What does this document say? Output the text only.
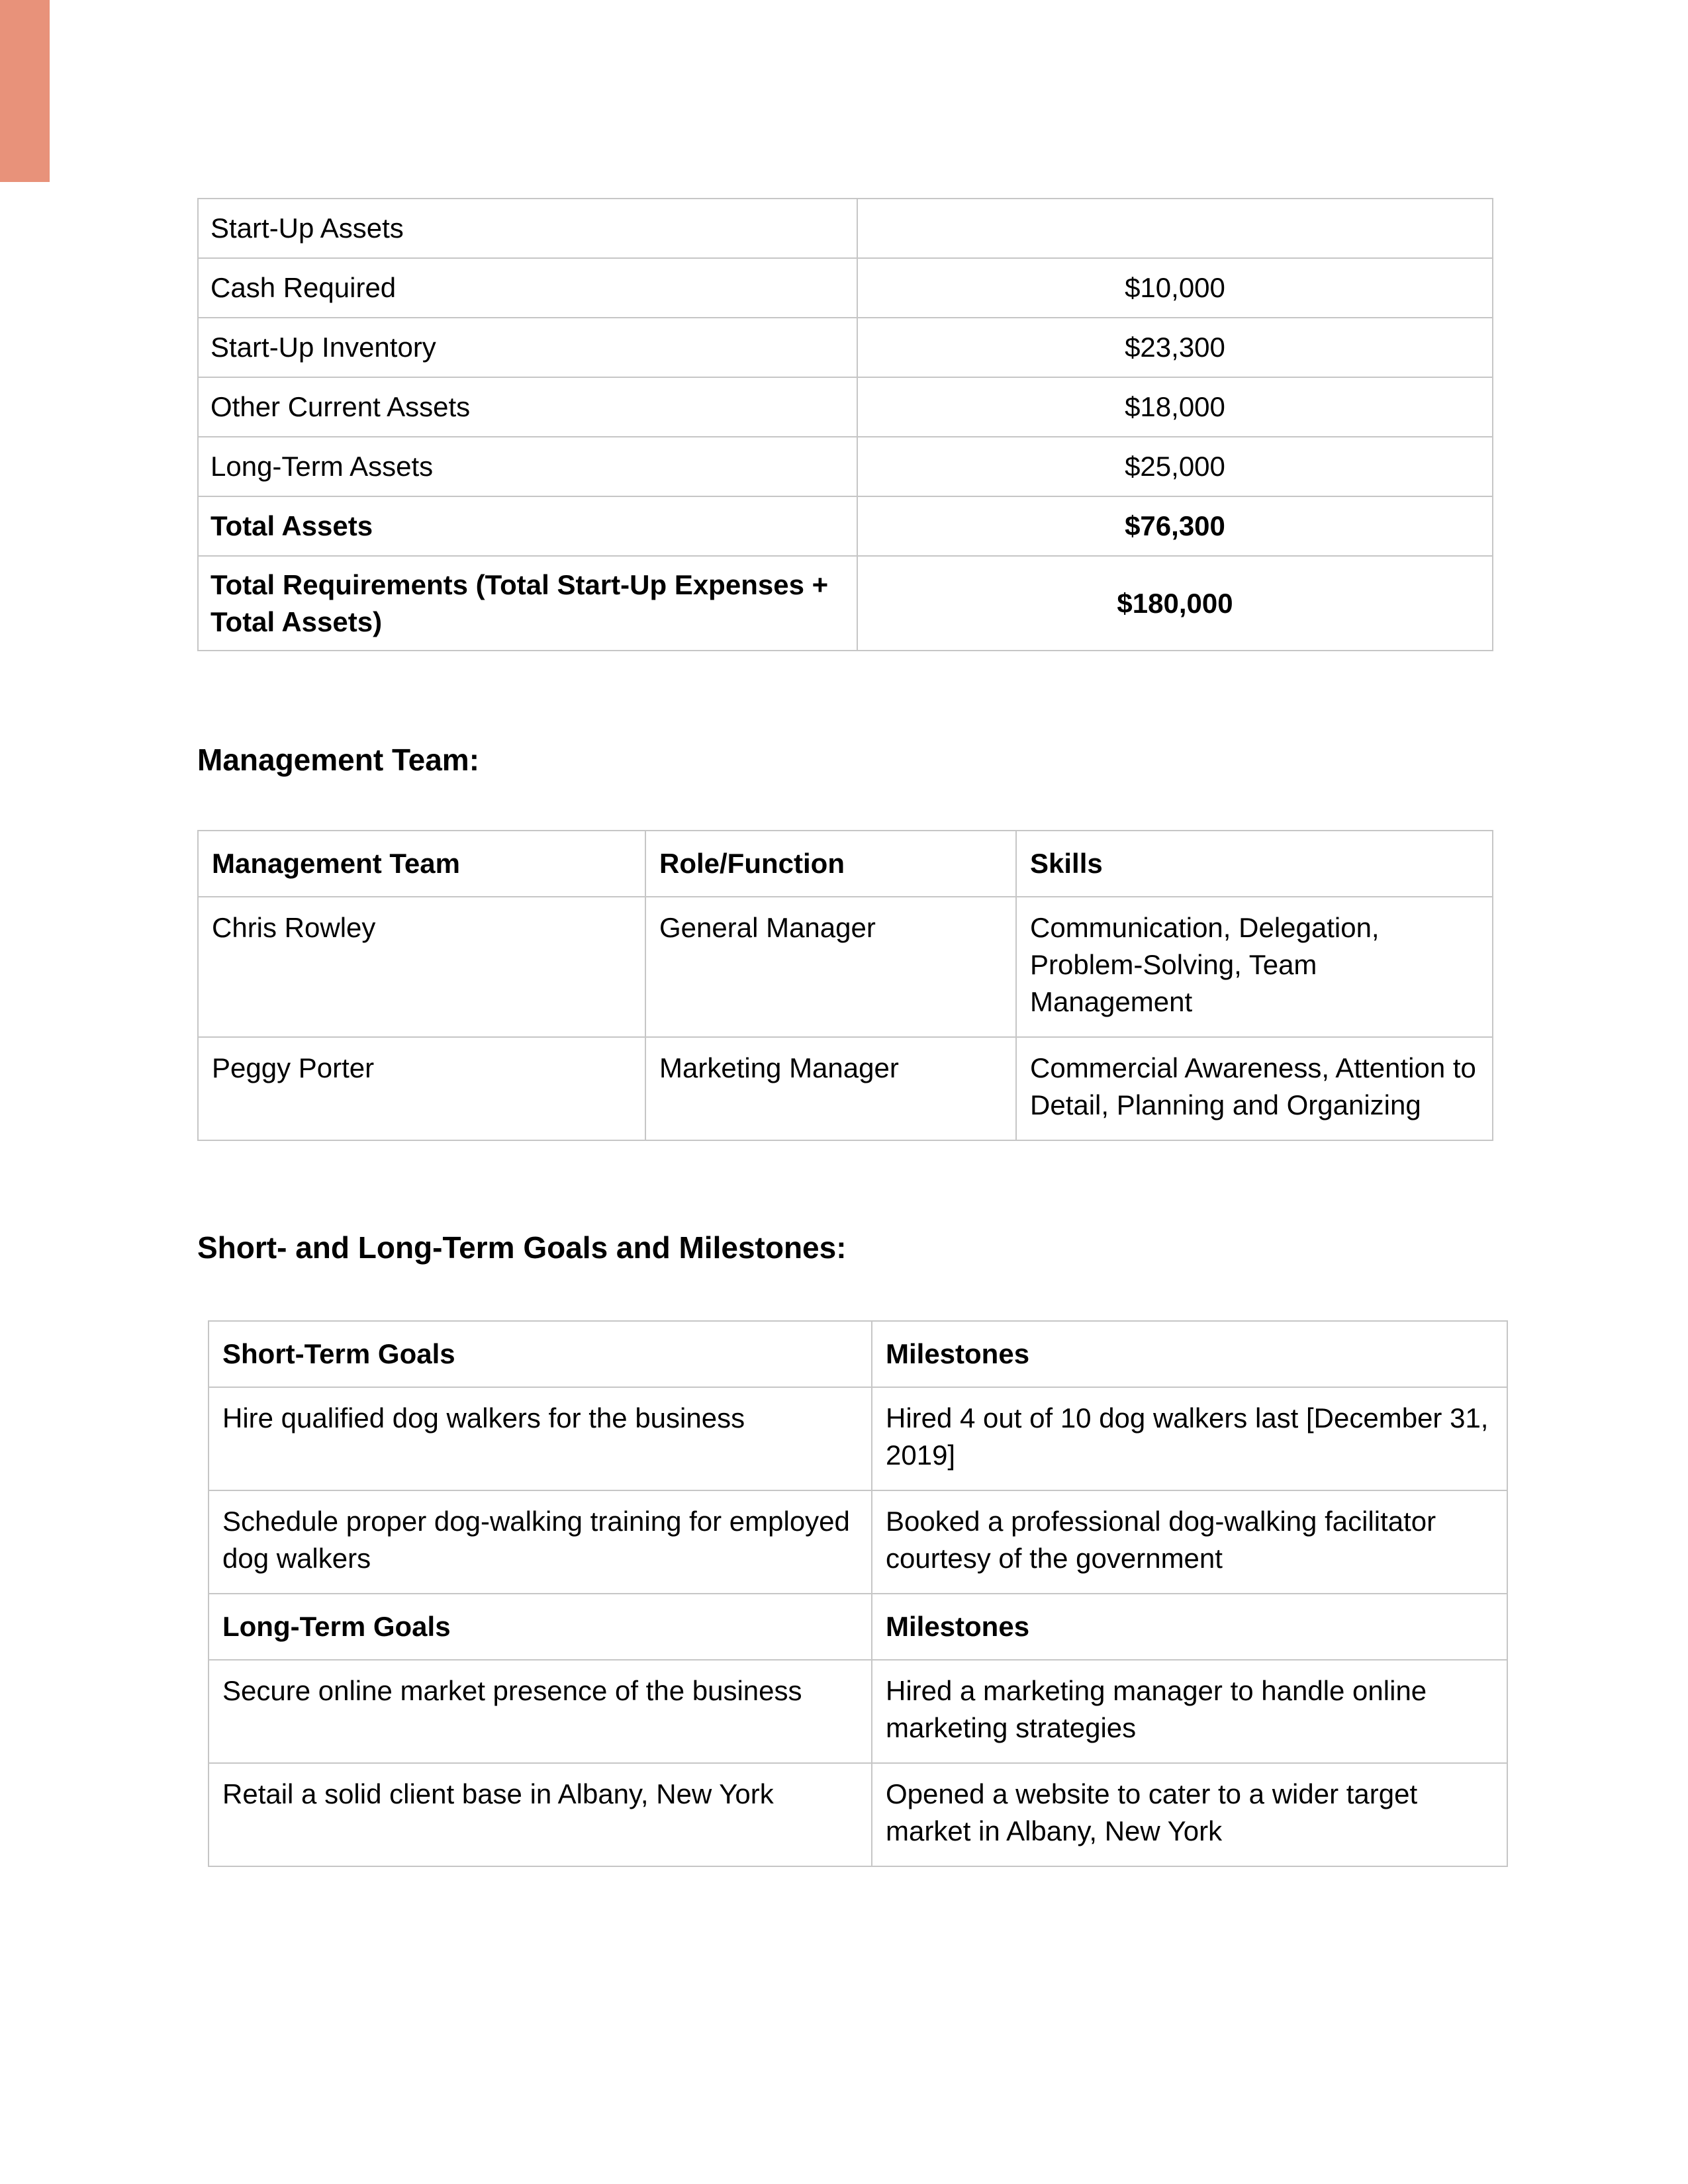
Start-Up Assets	
Cash Required	$10,000
Start-Up Inventory	$23,300
Other Current Assets	$18,000
Long-Term Assets	$25,000
Total Assets	$76,300
Total Requirements (Total Start-Up Expenses + Total Assets)	$180,000
Management Team:
Management Team	Role/Function	Skills
Chris Rowley	General Manager	Communication, Delegation, Problem-Solving, Team Management
Peggy Porter	Marketing Manager	Commercial Awareness, Attention to Detail, Planning and Organizing
Short- and Long-Term Goals and Milestones:
Short-Term Goals	Milestones
Hire qualified dog walkers for the business	Hired 4 out of 10 dog walkers last [December 31, 2019]
Schedule proper dog-walking training for employed dog walkers	Booked a professional dog-walking facilitator courtesy of the government
Long-Term Goals	Milestones
Secure online market presence of the business	Hired a marketing manager to handle online marketing strategies
Retail a solid client base in Albany, New York	Opened a website to cater to a wider target market in Albany, New York
